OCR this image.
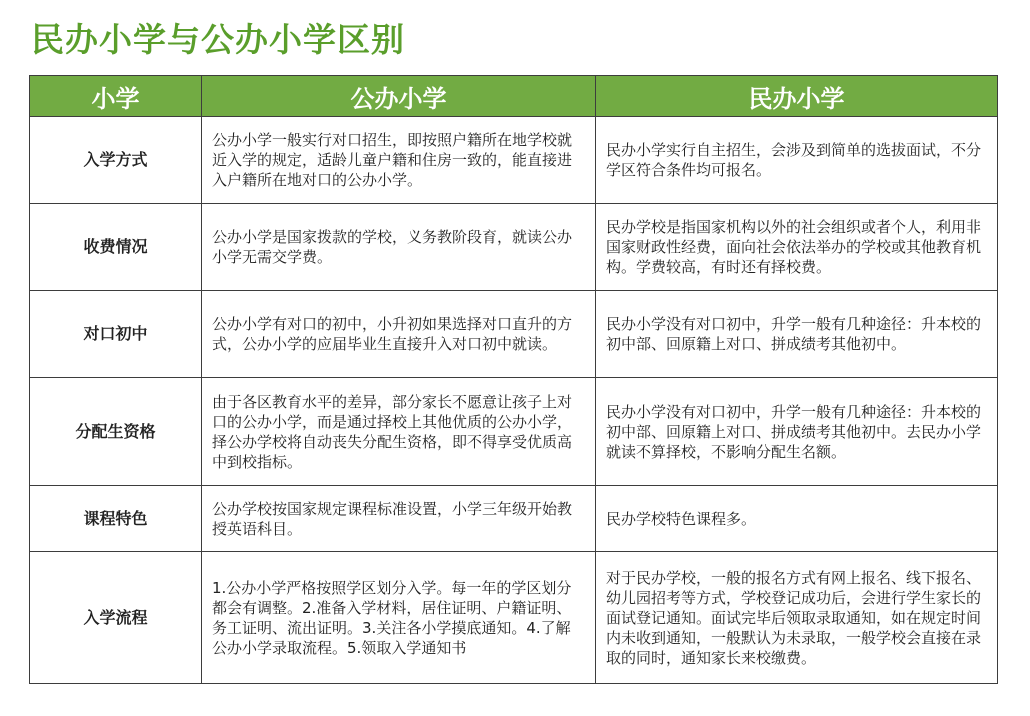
民办小学与公办小学区别
小学	公办小学	民办小学
入学方式	公办小学一般实行对口招生，即按照户籍所在地学校就近入学的规定，适龄儿童户籍和住房一致的，能直接进入户籍所在地对口的公办小学。	民办小学实行自主招生，会涉及到简单的选拔面试，不分学区符合条件均可报名。
收费情况	公办小学是国家拨款的学校，义务教阶段育，就读公办小学无需交学费。	民办学校是指国家机构以外的社会组织或者个人，利用非国家财政性经费，面向社会依法举办的学校或其他教育机构。学费较高，有时还有择校费。
对口初中	公办小学有对口的初中，小升初如果选择对口直升的方式，公办小学的应届毕业生直接升入对口初中就读。	民办小学没有对口初中，升学一般有几种途径：升本校的初中部、回原籍上对口、拼成绩考其他初中。
分配生资格	由于各区教育水平的差异，部分家长不愿意让孩子上对口的公办小学，而是通过择校上其他优质的公办小学，择公办学校将自动丧失分配生资格，即不得享受优质高中到校指标。	民办小学没有对口初中，升学一般有几种途径：升本校的初中部、回原籍上对口、拼成绩考其他初中。去民办小学就读不算择校，不影响分配生名额。
课程特色	公办学校按国家规定课程标准设置，小学三年级开始教授英语科目。	民办学校特色课程多。
入学流程	1.公办小学严格按照学区划分入学。每一年的学区划分都会有调整。2.准备入学材料，居住证明、户籍证明、务工证明、流出证明。3.关注各小学摸底通知。4.了解公办小学录取流程。5.领取入学通知书	对于民办学校，一般的报名方式有网上报名、线下报名、幼儿园招考等方式，学校登记成功后，会进行学生家长的面试登记通知。面试完毕后领取录取通知，如在规定时间内未收到通知，一般默认为未录取，一般学校会直接在录取的同时，通知家长来校缴费。
